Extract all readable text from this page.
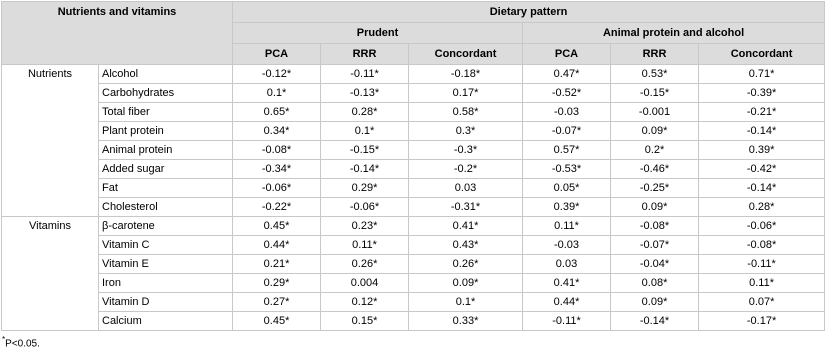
Nutrients and vitamins		Dietary pattern					
		Prudent			Animal protein and alcohol		
		PCA	RRR	Concordant	PCA	RRR	Concordant
Nutrients	Alcohol	-0.12*	-0.11*	-0.18*	0.47*	0.53*	0.71*
	Carbohydrates	0.1*	-0.13*	0.17*	-0.52*	-0.15*	-0.39*
	Total fiber	0.65*	0.28*	0.58*	-0.03	-0.001	-0.21*
	Plant protein	0.34*	0.1*	0.3*	-0.07*	0.09*	-0.14*
	Animal protein	-0.08*	-0.15*	-0.3*	0.57*	0.2*	0.39*
	Added sugar	-0.34*	-0.14*	-0.2*	-0.53*	-0.46*	-0.42*
	Fat	-0.06*	0.29*	0.03	0.05*	-0.25*	-0.14*
	Cholesterol	-0.22*	-0.06*	-0.31*	0.39*	0.09*	0.28*
Vitamins	β-carotene	0.45*	0.23*	0.41*	0.11*	-0.08*	-0.06*
	Vitamin C	0.44*	0.11*	0.43*	-0.03	-0.07*	-0.08*
	Vitamin E	0.21*	0.26*	0.26*	0.03	-0.04*	-0.11*
	Iron	0.29*	0.004	0.09*	0.41*	0.08*	0.11*
	Vitamin D	0.27*	0.12*	0.1*	0.44*	0.09*	0.07*
	Calcium	0.45*	0.15*	0.33*	-0.11*	-0.14*	-0.17*
*P<0.05.
